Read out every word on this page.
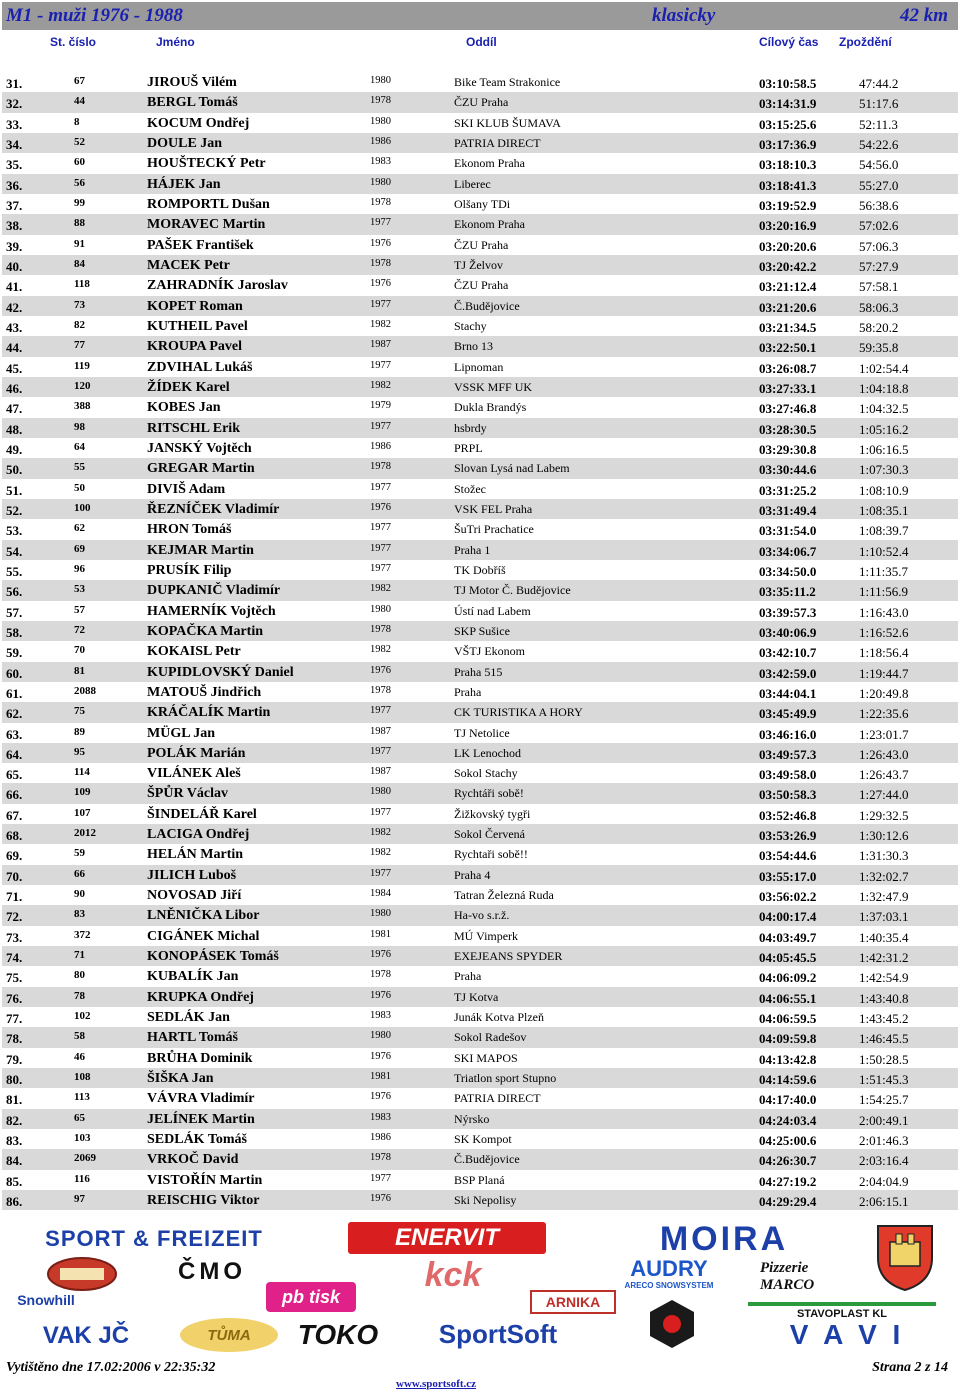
M1 - muži 1976 - 1988	klasicky	42 km
St. číslo	Jméno	Oddíl	Cílový čas Zpoždění
31.	67	JIROUŠ Vilém	1980	Bike Team Strakonice	03:10:58.5	47:44.2
32.	44	BERGL Tomáš	1978	ČZU Praha	03:14:31.9	51:17.6
33.	8	KOCUM Ondřej	1980	SKI KLUB ŠUMAVA	03:15:25.6	52:11.3
34.	52	DOULE Jan	1986	PATRIA DIRECT	03:17:36.9	54:22.6
35.	60	HOUŠTECKÝ Petr	1983	Ekonom Praha	03:18:10.3	54:56.0
36.	56	HÁJEK Jan	1980	Liberec	03:18:41.3	55:27.0
37.	99	ROMPORTL Dušan	1978	Olšany TDi	03:19:52.9	56:38.6
38.	88	MORAVEC Martin	1977	Ekonom Praha	03:20:16.9	57:02.6
39.	91	PAŠEK František	1976	ČZU Praha	03:20:20.6	57:06.3
40.	84	MACEK Petr	1978	TJ Želvov	03:20:42.2	57:27.9
41.	118	ZAHRADNÍK Jaroslav	1976	ČZU Praha	03:21:12.4	57:58.1
42.	73	KOPET Roman	1977	Č.Budějovice	03:21:20.6	58:06.3
43.	82	KUTHEIL Pavel	1982	Stachy	03:21:34.5	58:20.2
44.	77	KROUPA Pavel	1987	Brno 13	03:22:50.1	59:35.8
45.	119	ZDVIHAL Lukáš	1977	Lipnoman	03:26:08.7	1:02:54.4
46.	120	ŽÍDEK Karel	1982	VSSK MFF UK	03:27:33.1	1:04:18.8
47.	388	KOBES Jan	1979	Dukla Brandýs	03:27:46.8	1:04:32.5
48.	98	RITSCHL Erik	1977	hsbrdy	03:28:30.5	1:05:16.2
49.	64	JANSKÝ Vojtěch	1986	PRPL	03:29:30.8	1:06:16.5
50.	55	GREGAR Martin	1978	Slovan Lysá nad Labem	03:30:44.6	1:07:30.3
51.	50	DIVIŠ Adam	1977	Stožec	03:31:25.2	1:08:10.9
52.	100	ŘEZNÍČEK Vladimír	1976	VSK FEL Praha	03:31:49.4	1:08:35.1
53.	62	HRON Tomáš	1977	ŠuTri Prachatice	03:31:54.0	1:08:39.7
54.	69	KEJMAR Martin	1977	Praha 1	03:34:06.7	1:10:52.4
55.	96	PRUSÍK Filip	1977	TK Dobříš	03:34:50.0	1:11:35.7
56.	53	DUPKANIČ Vladimír	1982	TJ Motor Č. Budějovice	03:35:11.2	1:11:56.9
57.	57	HAMERNÍK Vojtěch	1980	Ústí nad Labem	03:39:57.3	1:16:43.0
58.	72	KOPAČKA Martin	1978	SKP Sušice	03:40:06.9	1:16:52.6
59.	70	KOKAISL Petr	1982	VŠTJ Ekonom	03:42:10.7	1:18:56.4
60.	81	KUPIDLOVSKÝ Daniel	1976	Praha 515	03:42:59.0	1:19:44.7
61.	2088	MATOUŠ Jindřich	1978	Praha	03:44:04.1	1:20:49.8
62.	75	KRÁČALÍK Martin	1977	CK TURISTIKA A HORY	03:45:49.9	1:22:35.6
63.	89	MÜGL Jan	1987	TJ Netolice	03:46:16.0	1:23:01.7
64.	95	POLÁK Marián	1977	LK Lenochod	03:49:57.3	1:26:43.0
65.	114	VILÁNEK Aleš	1987	Sokol Stachy	03:49:58.0	1:26:43.7
66.	109	ŠPŮR Václav	1980	Rychtáři sobě!	03:50:58.3	1:27:44.0
67.	107	ŠINDELÁŘ Karel	1977	Žižkovský tygři	03:52:46.8	1:29:32.5
68.	2012	LACIGA Ondřej	1982	Sokol Červená	03:53:26.9	1:30:12.6
69.	59	HELÁN Martin	1982	Rychtaři sobě!!	03:54:44.6	1:31:30.3
70.	66	JILICH Luboš	1977	Praha 4	03:55:17.0	1:32:02.7
71.	90	NOVOSAD Jiří	1984	Tatran Železná Ruda	03:56:02.2	1:32:47.9
72.	83	LNĚNIČKA Libor	1980	Ha-vo s.r.ž.	04:00:17.4	1:37:03.1
73.	372	CIGÁNEK Michal	1981	MÚ Vimperk	04:03:49.7	1:40:35.4
74.	71	KONOPÁSEK Tomáš	1976	EXEJEANS SPYDER	04:05:45.5	1:42:31.2
75.	80	KUBALÍK Jan	1978	Praha	04:06:09.2	1:42:54.9
76.	78	KRUPKA Ondřej	1976	TJ Kotva	04:06:55.1	1:43:40.8
77.	102	SEDLÁK Jan	1983	Junák Kotva Plzeň	04:06:59.5	1:43:45.2
78.	58	HARTL Tomáš	1980	Sokol Radešov	04:09:59.8	1:46:45.5
79.	46	BRŮHA Dominik	1976	SKI MAPOS	04:13:42.8	1:50:28.5
80.	108	ŠIŠKA Jan	1981	Triatlon sport Stupno	04:14:59.6	1:51:45.3
81.	113	VÁVRA Vladimír	1976	PATRIA DIRECT	04:17:40.0	1:54:25.7
82.	65	JELÍNEK Martin	1983	Nýrsko	04:24:03.4	2:00:49.1
83.	103	SEDLÁK Tomáš	1986	SK Kompot	04:25:00.6	2:01:46.3
84.	2069	VRKOČ David	1978	Č.Budějovice	04:26:30.7	2:03:16.4
85.	116	VISTOŘÍN Martin	1977	BSP Planá	04:27:19.2	2:04:04.9
86.	97	REISCHIG Viktor	1976	Ski Nepolisy	04:29:29.4	2:06:15.1
SPORT & FREIZEIT	ENERVIT	MOIRA
ČMO	kck	AUDRY
ARECO SNOWSYSTEM
Pizzerie MARCO
Snowhill	pb tisk	ARNIKA
STAVOPLAST KL
VAK JČ	TŮMA	TOKO	SportSoft	V A V I
Vytištěno dne 17.02:2006 v 22:35:32	Strana 2 z 14
www.sportsoft.cz
